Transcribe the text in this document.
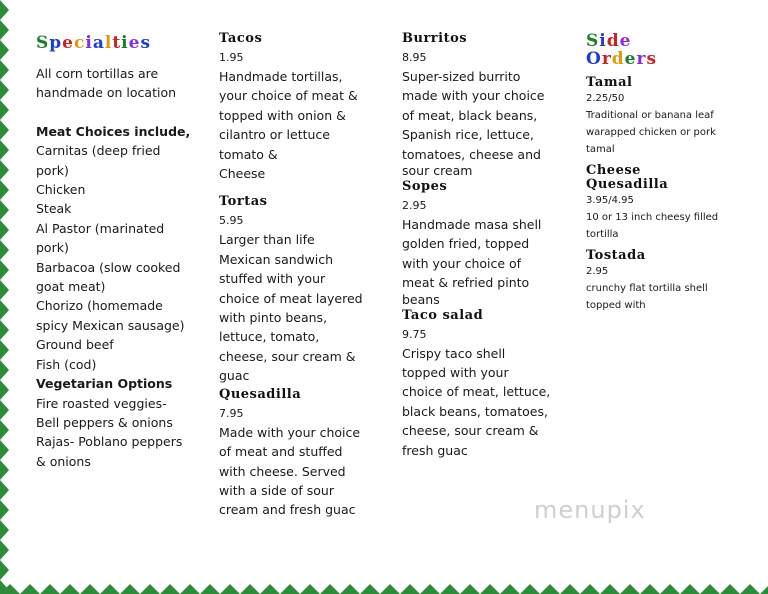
Specialties
All corn tortillas are
handmade on location
Meat Choices include,
Carnitas (deep fried
pork)
Chicken
Steak
Al Pastor (marinated
pork)
Barbacoa (slow cooked
goat meat)
Chorizo (homemade
spicy Mexican sausage)
Ground beef
Fish (cod)
Vegetarian Options
Fire roasted veggies-
Bell peppers & onions
Rajas- Poblano peppers
& onions
Tacos
1.95
Handmade tortillas,
your choice of meat &
topped with onion &
cilantro or lettuce
tomato &
Cheese
Tortas
5.95
Larger than life
Mexican sandwich
stuffed with your
choice of meat layered
with pinto beans,
lettuce, tomato,
cheese, sour cream &
guac
Quesadilla
7.95
Made with your choice
of meat and stuffed
with cheese. Served
with a side of sour
cream and fresh guac
Burritos
8.95
Super-sized burrito
made with your choice
of meat, black beans,
Spanish rice, lettuce,
tomatoes, cheese and
sour cream
Sopes
2.95
Handmade masa shell
golden fried, topped
with your choice of
meat & refried pinto
beans
Taco salad
9.75
Crispy taco shell
topped with your
choice of meat, lettuce,
black beans, tomatoes,
cheese, sour cream &
fresh guac
Side
Orders
Tamal
2.25/50
Traditional or banana leaf
warapped chicken or pork
tamal
Cheese
Quesadilla
3.95/4.95
10 or 13 inch cheesy filled
tortilla
Tostada
2.95
crunchy flat tortilla shell
topped with
menupix
